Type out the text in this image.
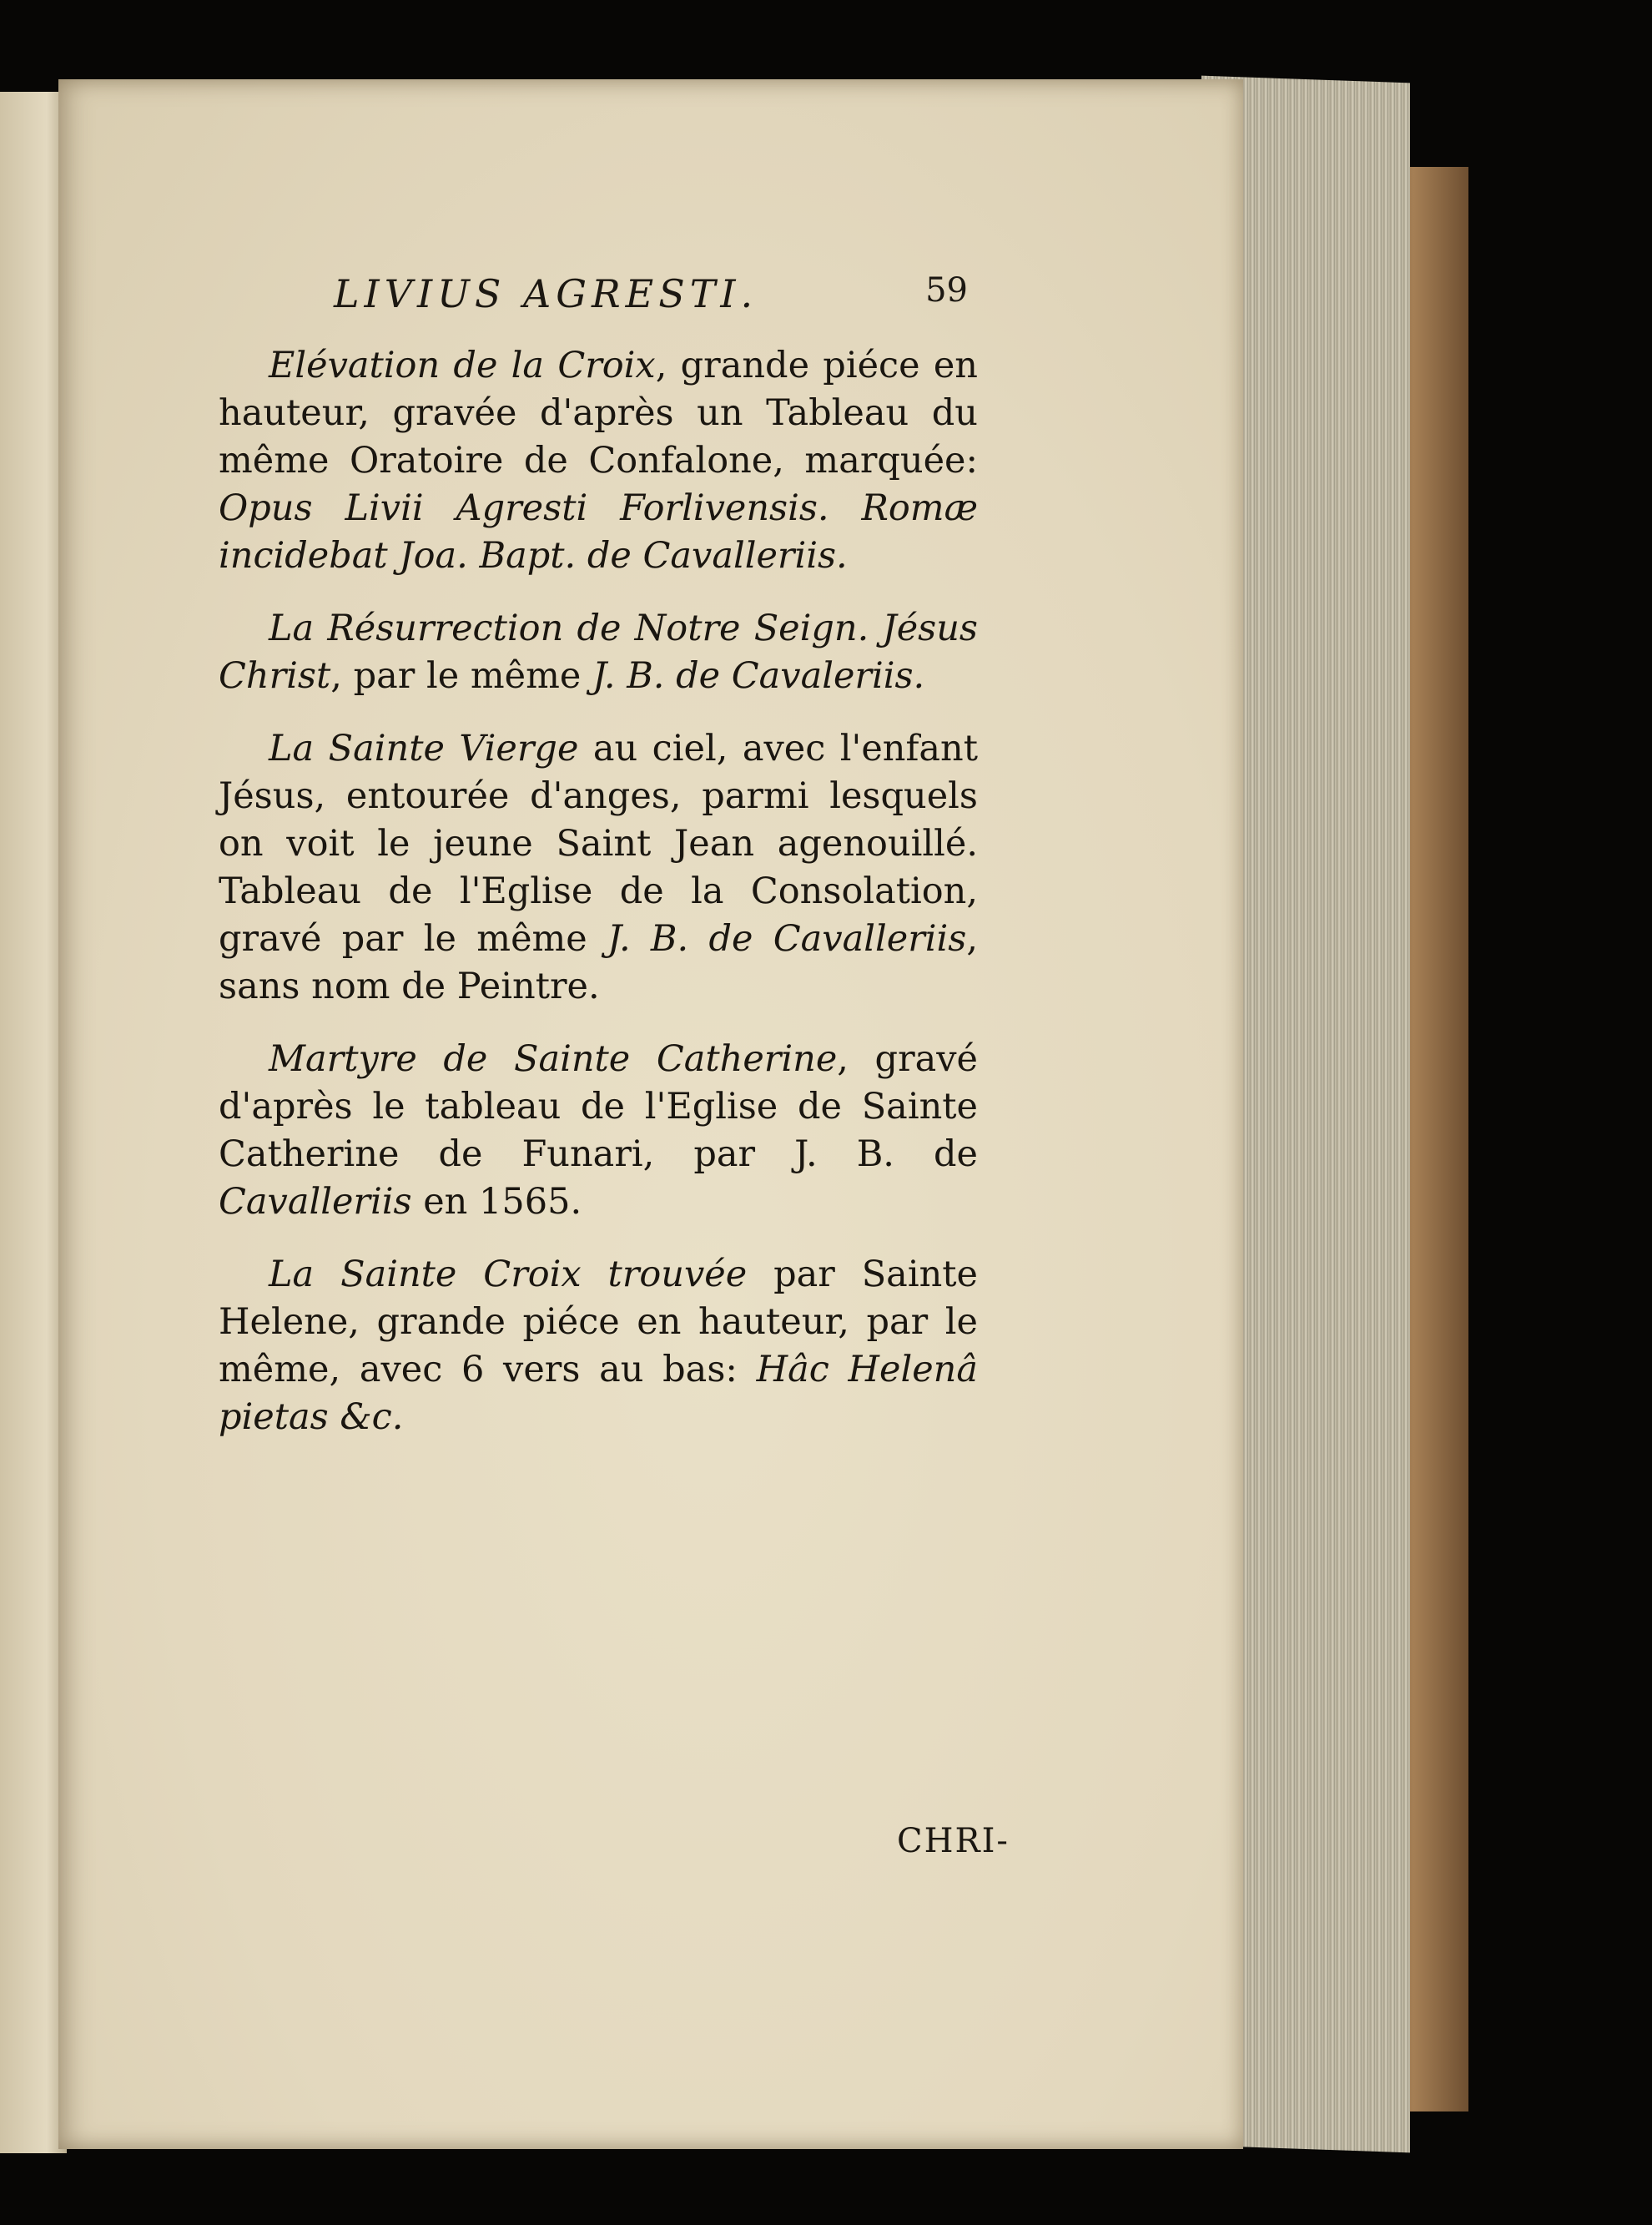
LIVIUS AGRESTI.	59

Elévation de la Croix, grande piéce en hauteur, gravée d'après un Tableau du même Oratoire de Confalone, marquée: Opus Livii Agresti Forlivensis. Romæ incidebat Joa. Bapt. de Cavalleriis.

La Résurrection de Notre Seign. Jésus Christ, par le même J. B. de Cavaleriis.

La Sainte Vierge au ciel, avec l'enfant Jésus, entourée d'anges, parmi lesquels on voit le jeune Saint Jean agenouillé. Tableau de l'Eglise de la Consolation, gravé par le même J. B. de Cavalleriis, sans nom de Peintre.

Martyre de Sainte Catherine, gravé d'après le tableau de l'Eglise de Sainte Catherine de Funari, par J. B. de Cavalleriis en 1565.

La Sainte Croix trouvée par Sainte Helene, grande piéce en hauteur, par le même, avec 6 vers au bas: Hâc Helenâ pietas &c.

CHRI-
